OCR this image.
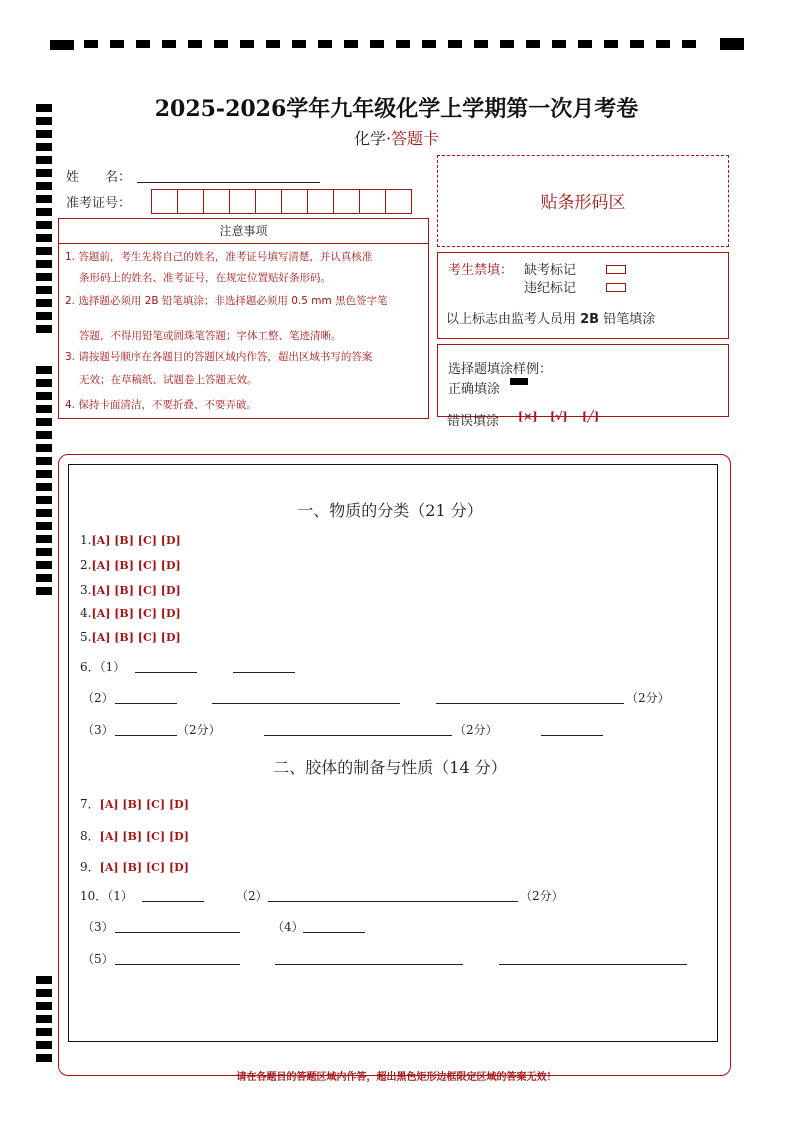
2025-2026学年九年级化学上学期第一次月考卷
化学·答题卡
姓　　名：
准考证号：	贴条形码区
注意事项

1. 答题前，考生先将自己的姓名，准考证号填写清楚，并认真核准

条形码上的姓名、准考证号，在规定位置贴好条形码。

2. 选择题必须用 2B 铅笔填涂；非选择题必须用 0.5 mm 黑色签字笔

答题，不得用铅笔或圆珠笔答题；字体工整、笔迹清晰。

3. 请按题号顺序在各题目的答题区域内作答，超出区域书写的答案

无效；在草稿纸、试题卷上答题无效。

4. 保持卡面清洁，不要折叠、不要弄破。

考生禁填： 缺考标记
违纪标记
以上标志由监考人员用 2B 铅笔填涂
选择题填涂样例：
正确填涂
错误填涂 [×] [√] [╱]
一、物质的分类（21 分）
1.[A] [B] [C] [D]
2.[A] [B] [C] [D]
3.[A] [B] [C] [D]
4.[A] [B] [C] [D]
5.[A] [B] [C] [D]
6．（1）
（2）	（2分）
（3）	（2分）	（2分）
二、胶体的制备与性质（14 分）
7．[A] [B] [C] [D]
8．[A] [B] [C] [D]
9．[A] [B] [C] [D]
10．（1）	（2）	（2分）
（3）	（4）
（5）
请在各题目的答题区域内作答，超出黑色矩形边框限定区域的答案无效！
